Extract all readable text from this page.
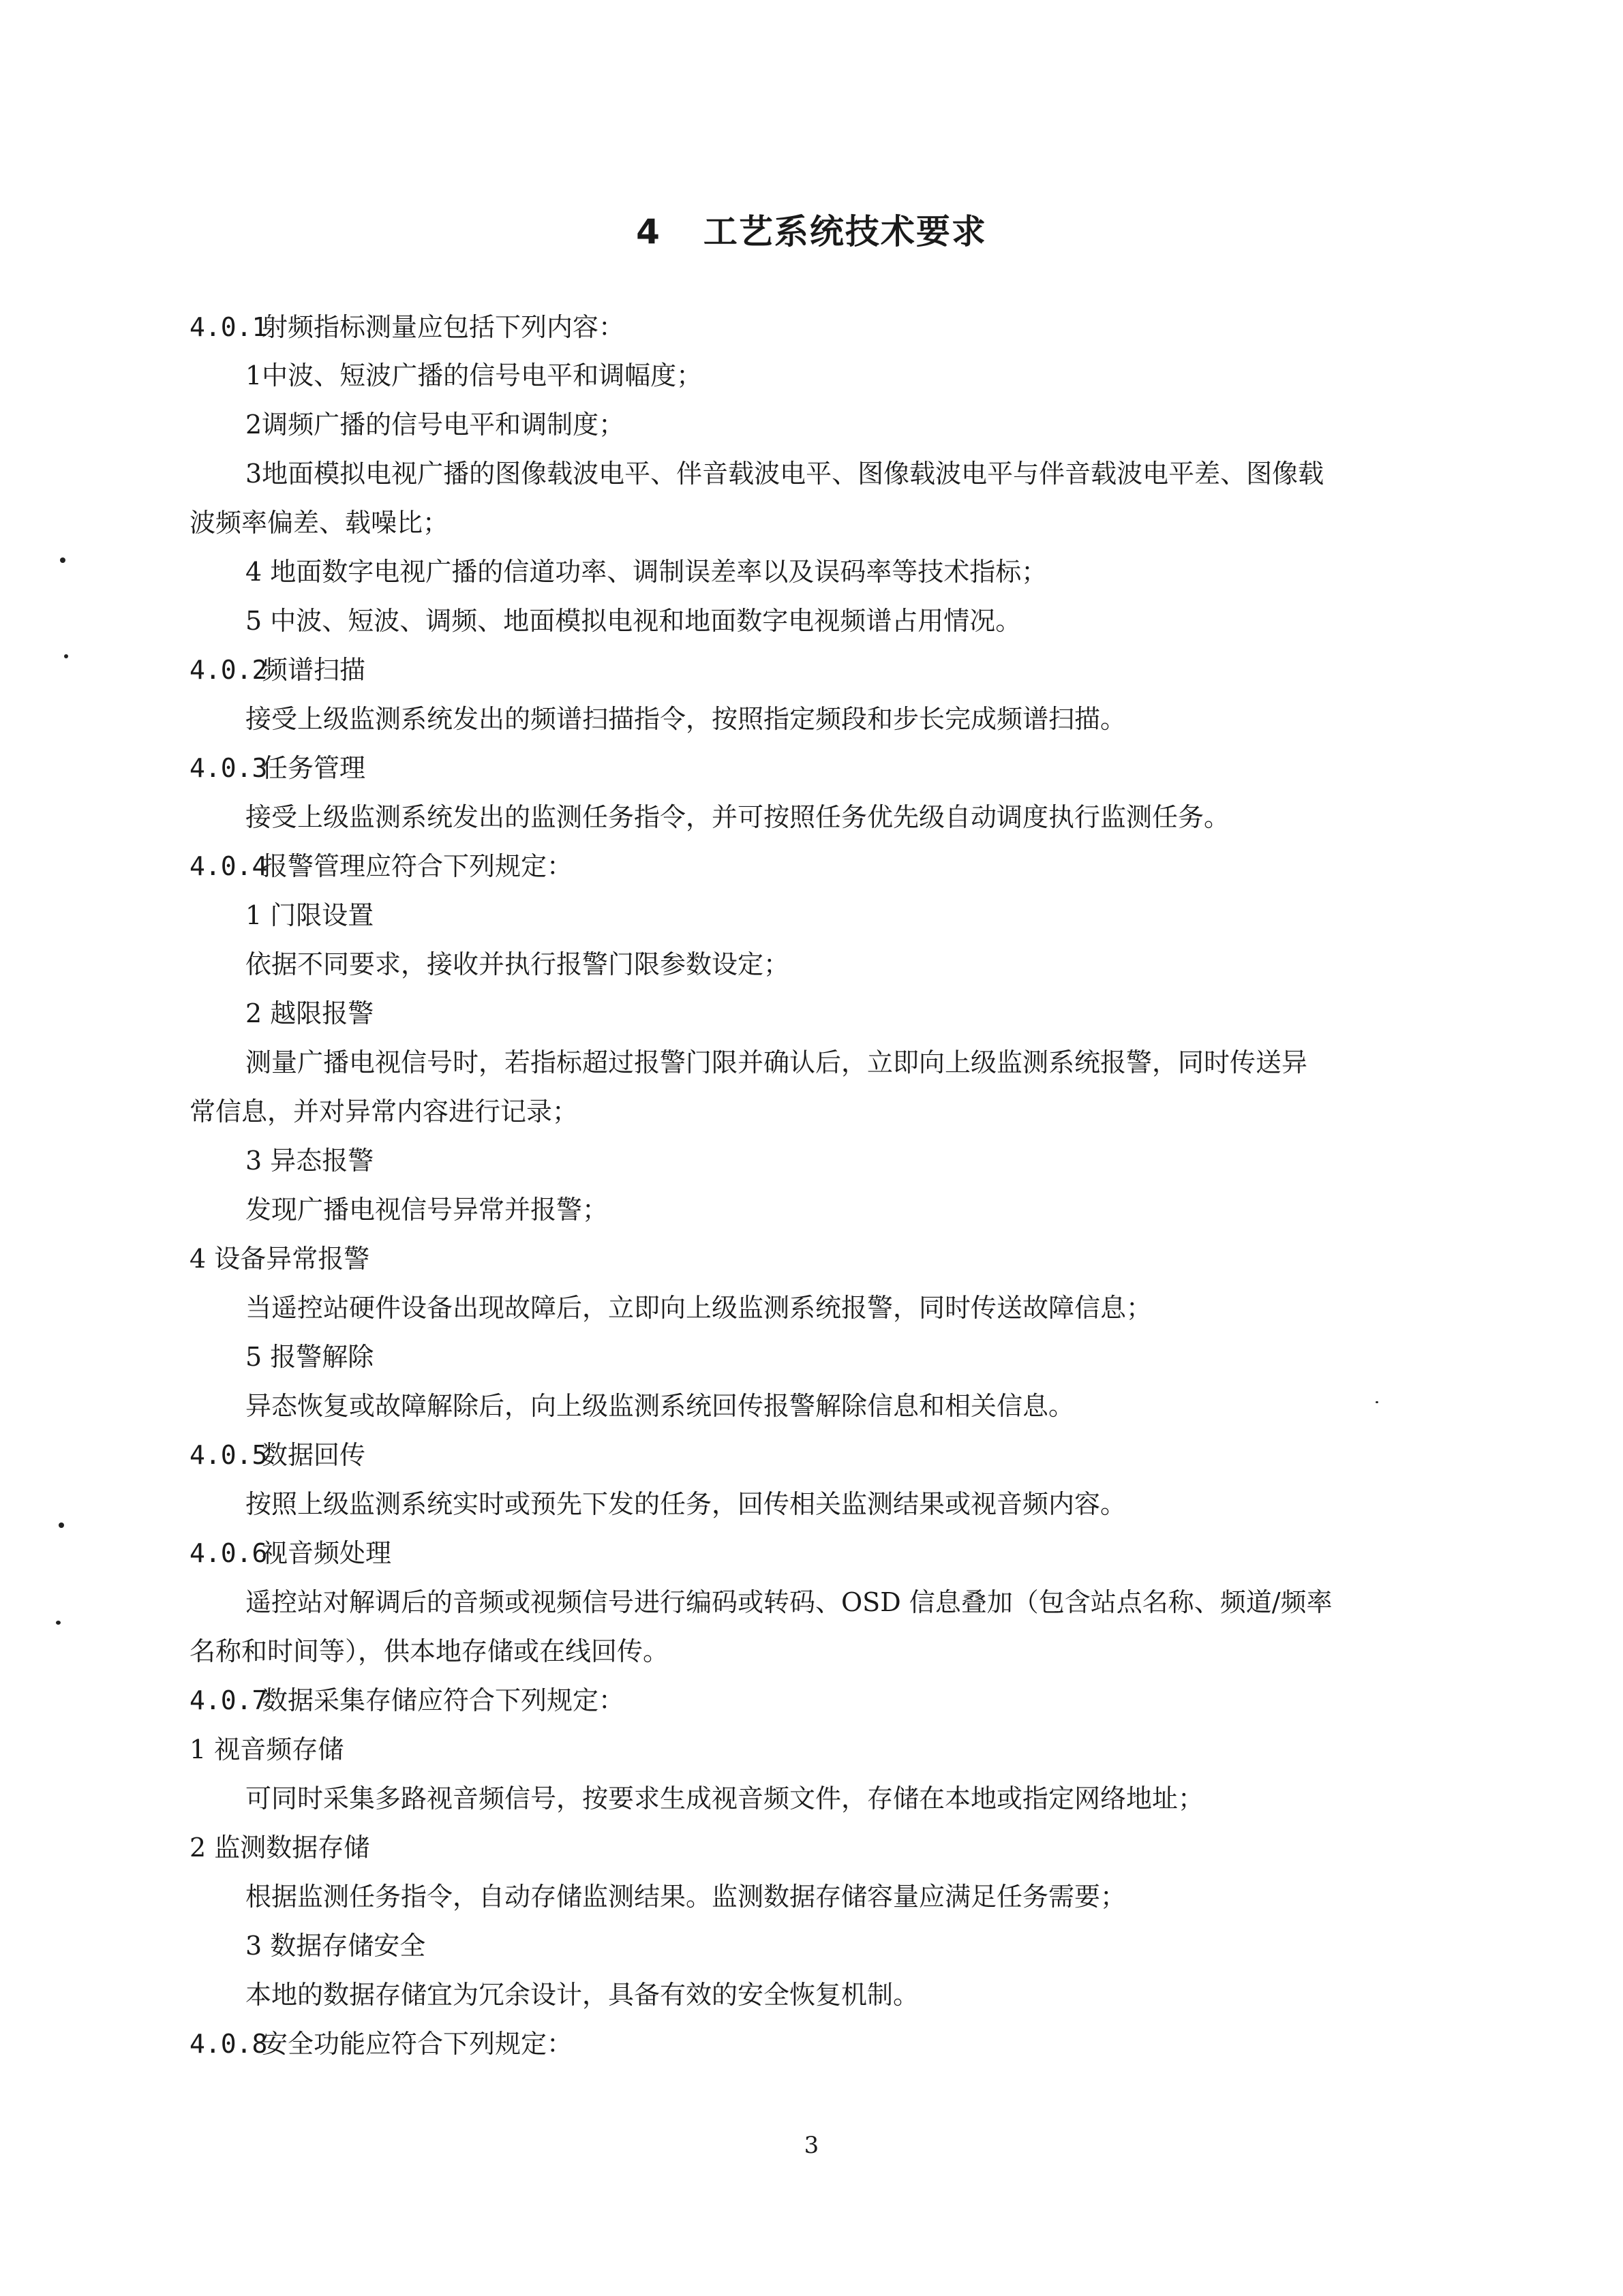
4 工艺系统技术要求
4.0.1射频指标测量应包括下列内容：
1中波、短波广播的信号电平和调幅度；
2调频广播的信号电平和调制度；
3地面模拟电视广播的图像载波电平、伴音载波电平、图像载波电平与伴音载波电平差、图像载
波频率偏差、载噪比；
4 地面数字电视广播的信道功率、调制误差率以及误码率等技术指标；
5 中波、短波、调频、地面模拟电视和地面数字电视频谱占用情况。
4.0.2频谱扫描
接受上级监测系统发出的频谱扫描指令，按照指定频段和步长完成频谱扫描。
4.0.3任务管理
接受上级监测系统发出的监测任务指令，并可按照任务优先级自动调度执行监测任务。
4.0.4报警管理应符合下列规定：
1 门限设置
依据不同要求，接收并执行报警门限参数设定；
2 越限报警
测量广播电视信号时，若指标超过报警门限并确认后，立即向上级监测系统报警，同时传送异
常信息，并对异常内容进行记录；
3 异态报警
发现广播电视信号异常并报警；
4 设备异常报警
当遥控站硬件设备出现故障后，立即向上级监测系统报警，同时传送故障信息；
5 报警解除
异态恢复或故障解除后，向上级监测系统回传报警解除信息和相关信息。
4.0.5数据回传
按照上级监测系统实时或预先下发的任务，回传相关监测结果或视音频内容。
4.0.6视音频处理
遥控站对解调后的音频或视频信号进行编码或转码、OSD 信息叠加（包含站点名称、频道/频率
名称和时间等），供本地存储或在线回传。
4.0.7数据采集存储应符合下列规定：
1 视音频存储
可同时采集多路视音频信号，按要求生成视音频文件，存储在本地或指定网络地址；
2 监测数据存储
根据监测任务指令，自动存储监测结果。监测数据存储容量应满足任务需要；
3 数据存储安全
本地的数据存储宜为冗余设计，具备有效的安全恢复机制。
4.0.8安全功能应符合下列规定：
3
